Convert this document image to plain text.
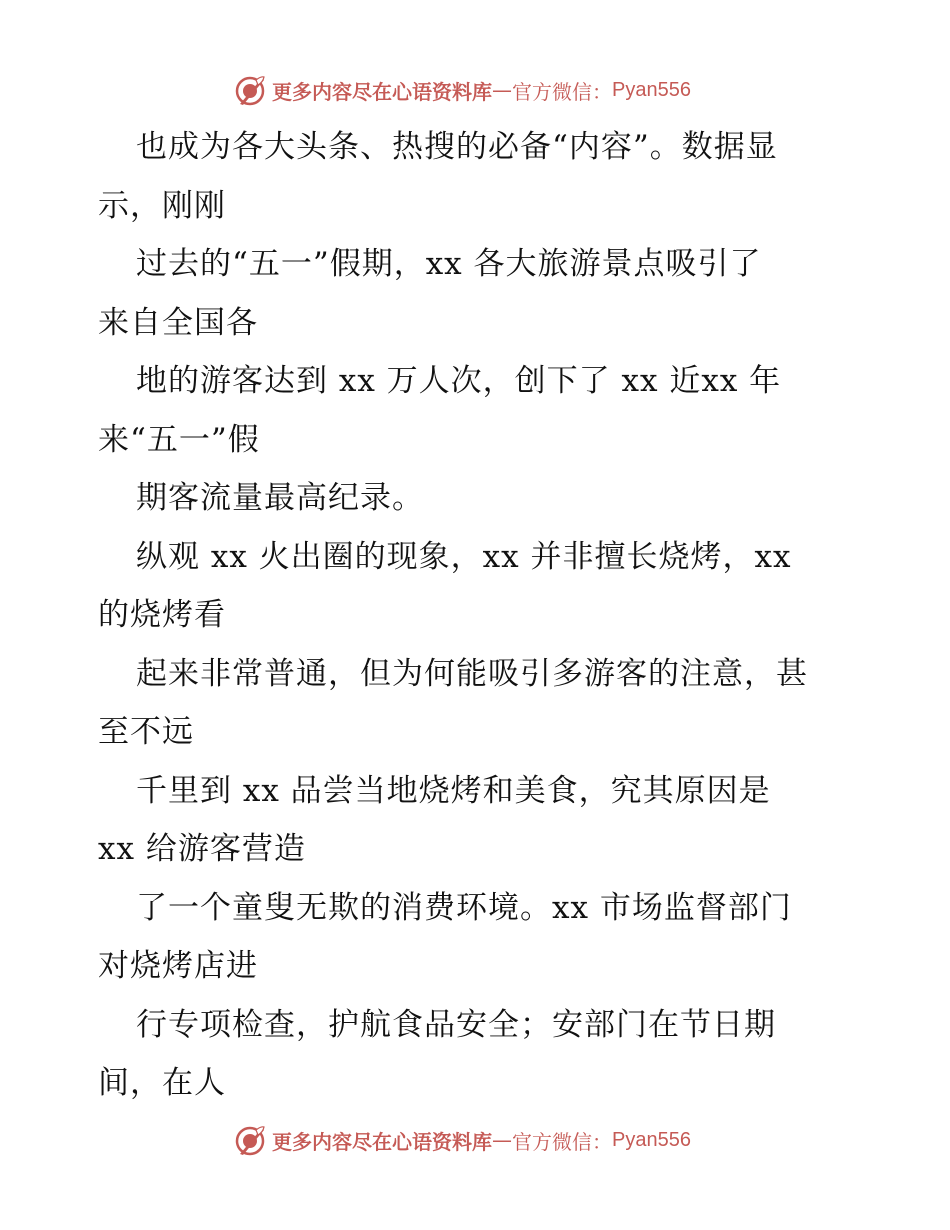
更多内容尽在心语资料库 — 官方微信： Pyan556
也成为各大头条、热搜的必备“内容”。数据显
示，刚刚
过去的“五一”假期，xx 各大旅游景点吸引了
来自全国各
地的游客达到 xx 万人次，创下了 xx 近xx 年
来“五一”假
期客流量最高纪录。
纵观 xx 火出圈的现象，xx 并非擅长烧烤，xx
的烧烤看
起来非常普通，但为何能吸引多游客的注意，甚
至不远
千里到 xx 品尝当地烧烤和美食，究其原因是
xx 给游客营造
了一个童叟无欺的消费环境。xx 市场监督部门
对烧烤店进
行专项检查，护航食品安全；安部门在节日期
间，在人
更多内容尽在心语资料库 — 官方微信： Pyan556
